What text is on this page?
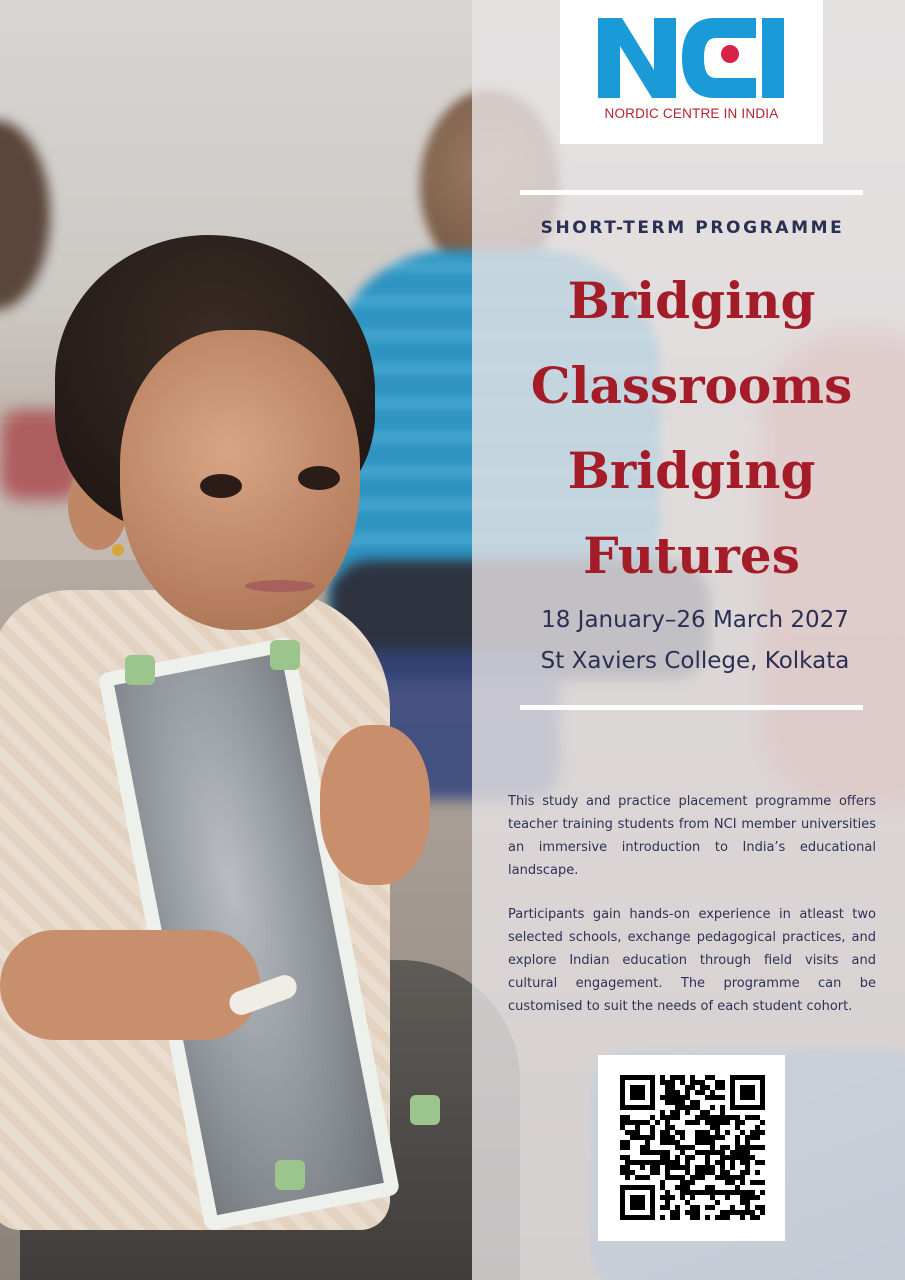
NORDIC CENTRE IN INDIA
SHORT-TERM PROGRAMME
Bridging
Classrooms
Bridging
Futures
18 January–26 March 2027
St Xaviers College, Kolkata
This study and practice placement programme offers teacher training students from NCI member universities an immersive introduction to India’s educational landscape.
Participants gain hands-on experience in atleast two selected schools, exchange pedagogical practices, and explore Indian education through field visits and cultural engagement. The programme can be customised to suit the needs of each student cohort.
